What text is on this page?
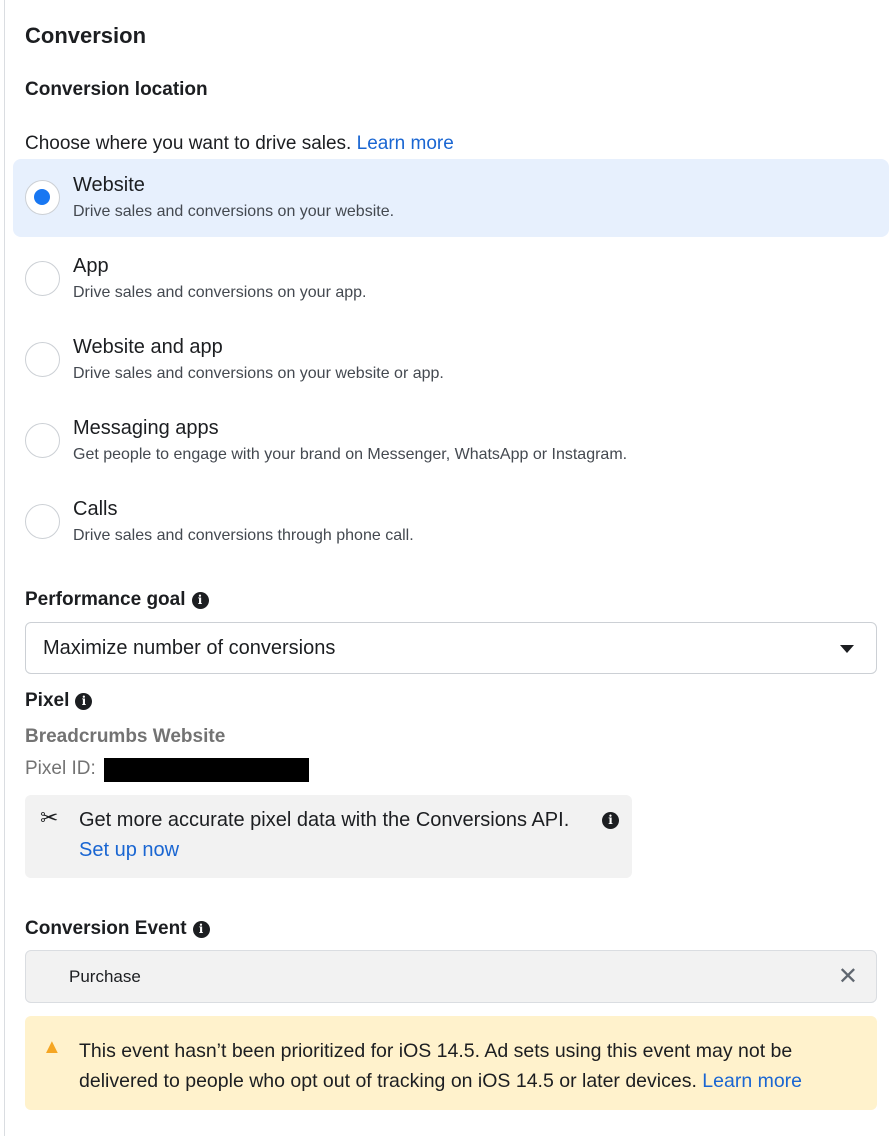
Conversion
Conversion location
Choose where you want to drive sales. Learn more
Website
Drive sales and conversions on your website.
App
Drive sales and conversions on your app.
Website and app
Drive sales and conversions on your website or app.
Messaging apps
Get people to engage with your brand on Messenger, WhatsApp or Instagram.
Calls
Drive sales and conversions through phone call.
Performance goal i
Maximize number of conversions
Pixel i
Breadcrumbs Website
Pixel ID:
✂ Get more accurate pixel data with the Conversions API.	i
Set up now
Conversion Event i
Purchase	✕
▲ This event hasn’t been prioritized for iOS 14.5. Ad sets using this event may not be delivered to people who opt out of tracking on iOS 14.5 or later devices. Learn more
